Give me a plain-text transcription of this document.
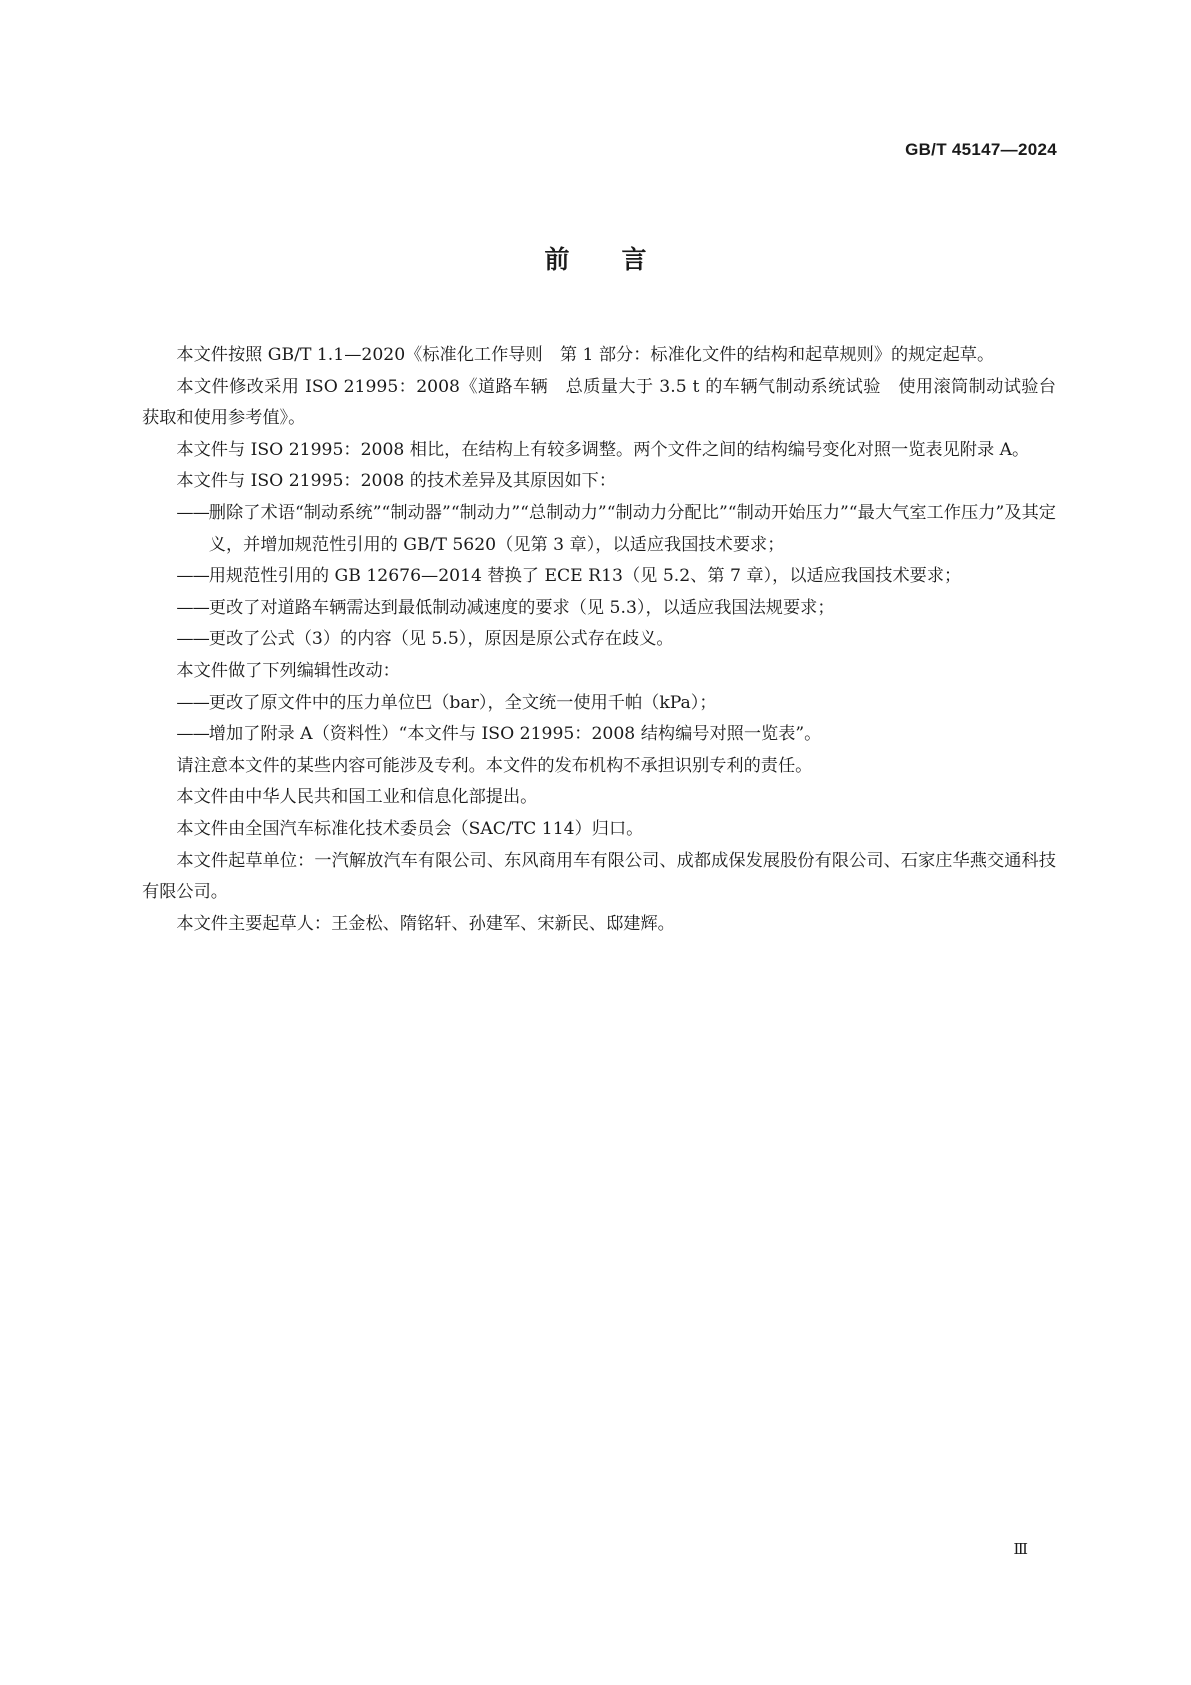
GB/T 45147—2024
前言

本文件按照 GB/T 1.1—2020《标准化工作导则　第 1 部分：标准化文件的结构和起草规则》的规定起草。

本文件修改采用 ISO 21995：2008《道路车辆　总质量大于 3.5 t 的车辆气制动系统试验　使用滚筒制动试验台获取和使用参考值》。

本文件与 ISO 21995：2008 相比，在结构上有较多调整。两个文件之间的结构编号变化对照一览表见附录 A。

本文件与 ISO 21995：2008 的技术差异及其原因如下：

—— 删除了术语“制动系统”“制动器”“制动力”“总制动力”“制动力分配比”“制动开始压力”“最大气室工作压力”及其定义，并增加规范性引用的 GB/T 5620（见第 3 章），以适应我国技术要求；
—— 用规范性引用的 GB 12676—2014 替换了 ECE R13（见 5.2、第 7 章），以适应我国技术要求；
—— 更改了对道路车辆需达到最低制动减速度的要求（见 5.3），以适应我国法规要求；
—— 更改了公式（3）的内容（见 5.5），原因是原公式存在歧义。

本文件做了下列编辑性改动：

—— 更改了原文件中的压力单位巴（bar），全文统一使用千帕（kPa）；
—— 增加了附录 A（资料性）“本文件与 ISO 21995：2008 结构编号对照一览表”。

请注意本文件的某些内容可能涉及专利。本文件的发布机构不承担识别专利的责任。

本文件由中华人民共和国工业和信息化部提出。

本文件由全国汽车标准化技术委员会（SAC/TC 114）归口。

本文件起草单位：一汽解放汽车有限公司、东风商用车有限公司、成都成保发展股份有限公司、石家庄华燕交通科技有限公司。

本文件主要起草人：王金松、隋铭轩、孙建军、宋新民、邸建辉。

Ⅲ
